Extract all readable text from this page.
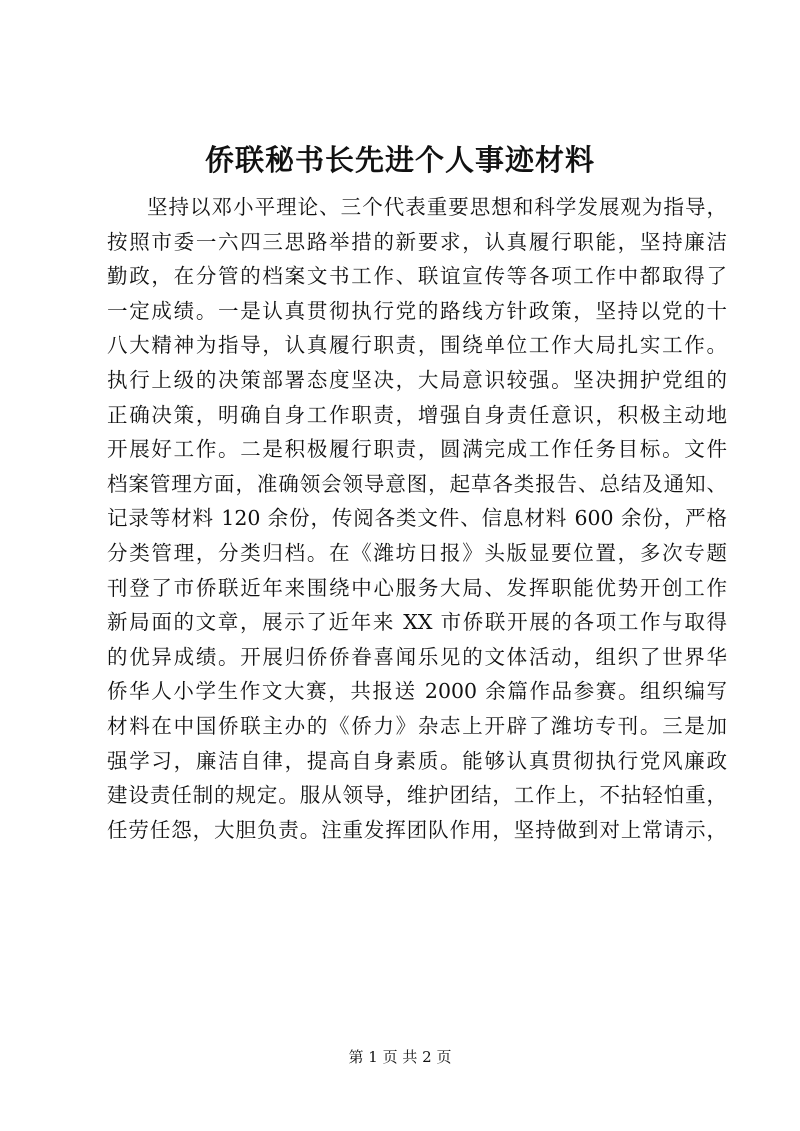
侨联秘书长先进个人事迹材料
坚持以邓小平理论、三个代表重要思想和科学发展观为指导，
按照市委一六四三思路举措的新要求，认真履行职能，坚持廉洁
勤政，在分管的档案文书工作、联谊宣传等各项工作中都取得了
一定成绩。一是认真贯彻执行党的路线方针政策，坚持以党的十
八大精神为指导，认真履行职责，围绕单位工作大局扎实工作。
执行上级的决策部署态度坚决，大局意识较强。坚决拥护党组的
正确决策，明确自身工作职责，增强自身责任意识，积极主动地
开展好工作。二是积极履行职责，圆满完成工作任务目标。文件
档案管理方面，准确领会领导意图，起草各类报告、总结及通知、
记录等材料 120 余份，传阅各类文件、信息材料 600 余份，严格
分类管理，分类归档。在《潍坊日报》头版显要位置，多次专题
刊登了市侨联近年来围绕中心服务大局、发挥职能优势开创工作
新局面的文章，展示了近年来 XX 市侨联开展的各项工作与取得
的优异成绩。开展归侨侨眷喜闻乐见的文体活动，组织了世界华
侨华人小学生作文大赛，共报送 2000 余篇作品参赛。组织编写
材料在中国侨联主办的《侨力》杂志上开辟了潍坊专刊。三是加
强学习，廉洁自律，提高自身素质。能够认真贯彻执行党风廉政
建设责任制的规定。服从领导，维护团结，工作上，不拈轻怕重，
任劳任怨，大胆负责。注重发挥团队作用，坚持做到对上常请示，
第 1 页 共 2 页
